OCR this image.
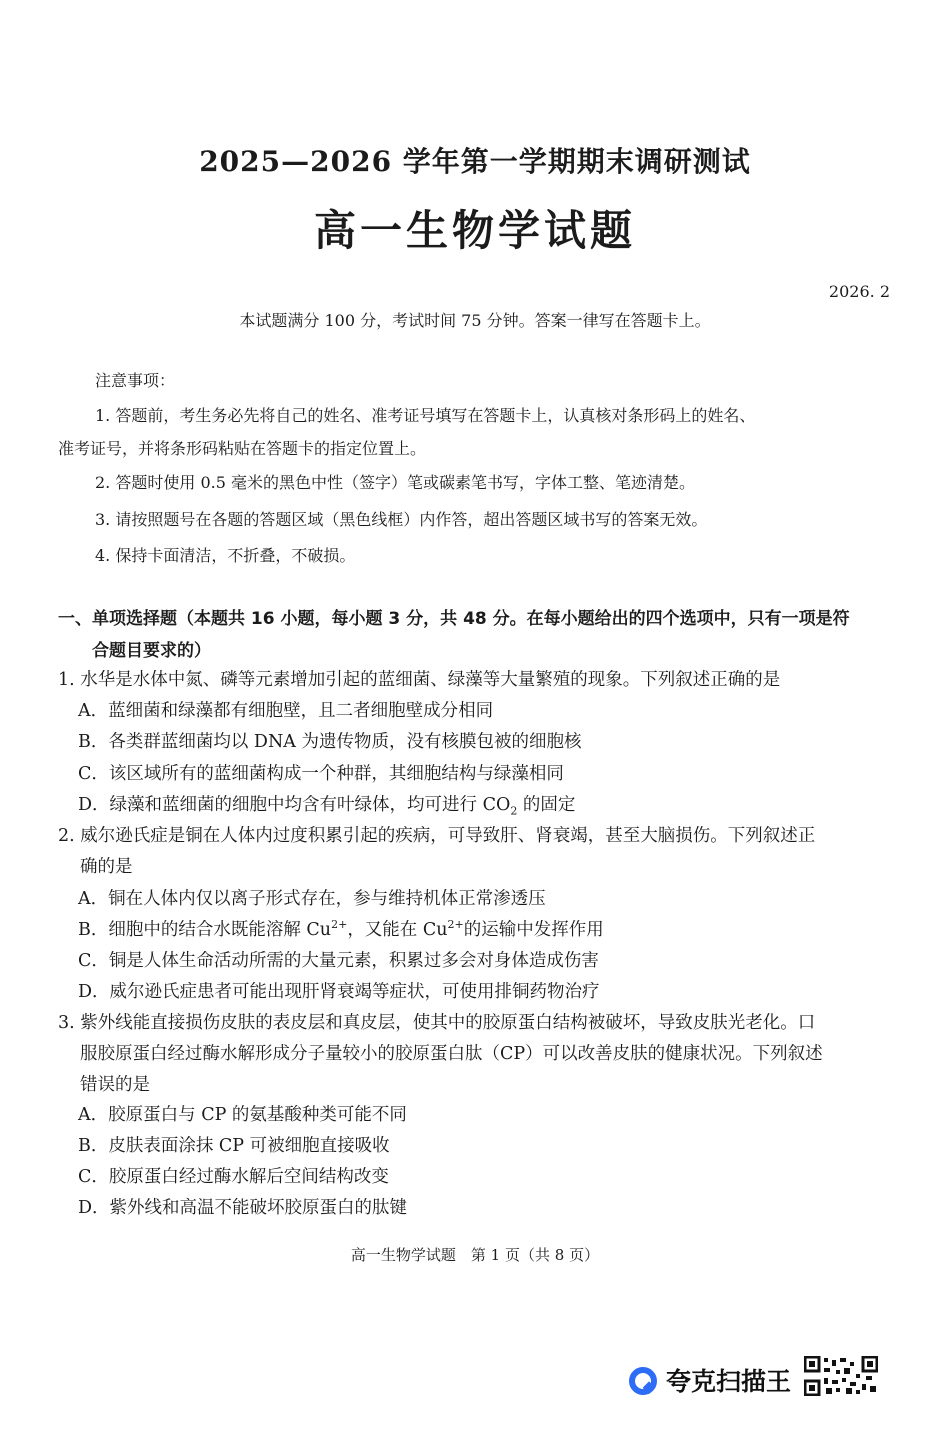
2025—2026 学年第一学期期末调研测试
高一生物学试题
2026. 2
本试题满分 100 分，考试时间 75 分钟。答案一律写在答题卡上。
注意事项：
1. 答题前，考生务必先将自己的姓名、准考证号填写在答题卡上，认真核对条形码上的姓名、
准考证号，并将条形码粘贴在答题卡的指定位置上。
2. 答题时使用 0.5 毫米的黑色中性（签字）笔或碳素笔书写，字体工整、笔迹清楚。
3. 请按照题号在各题的答题区域（黑色线框）内作答，超出答题区域书写的答案无效。
4. 保持卡面清洁，不折叠，不破损。
一、单项选择题（本题共 16 小题，每小题 3 分，共 48 分。在每小题给出的四个选项中，只有一项是符
合题目要求的）
1. 水华是水体中氮、磷等元素增加引起的蓝细菌、绿藻等大量繁殖的现象。下列叙述正确的是
A．蓝细菌和绿藻都有细胞壁，且二者细胞壁成分相同
B．各类群蓝细菌均以 DNA 为遗传物质，没有核膜包被的细胞核
C．该区域所有的蓝细菌构成一个种群，其细胞结构与绿藻相同
D．绿藻和蓝细菌的细胞中均含有叶绿体，均可进行 $CO_2$ 的固定
2. 威尔逊氏症是铜在人体内过度积累引起的疾病，可导致肝、肾衰竭，甚至大脑损伤。下列叙述正
确的是
A．铜在人体内仅以离子形式存在，参与维持机体正常渗透压
B．细胞中的结合水既能溶解 $Cu^{2+}$，又能在 $Cu^{2+}$的运输中发挥作用
C．铜是人体生命活动所需的大量元素，积累过多会对身体造成伤害
D．威尔逊氏症患者可能出现肝肾衰竭等症状，可使用排铜药物治疗
3. 紫外线能直接损伤皮肤的表皮层和真皮层，使其中的胶原蛋白结构被破坏，导致皮肤光老化。口
服胶原蛋白经过酶水解形成分子量较小的胶原蛋白肽（CP）可以改善皮肤的健康状况。下列叙述
错误的是
A．胶原蛋白与 CP 的氨基酸种类可能不同
B．皮肤表面涂抹 CP 可被细胞直接吸收
C．胶原蛋白经过酶水解后空间结构改变
D．紫外线和高温不能破坏胶原蛋白的肽键
高一生物学试题　第 1 页（共 8 页）
夸克扫描王
